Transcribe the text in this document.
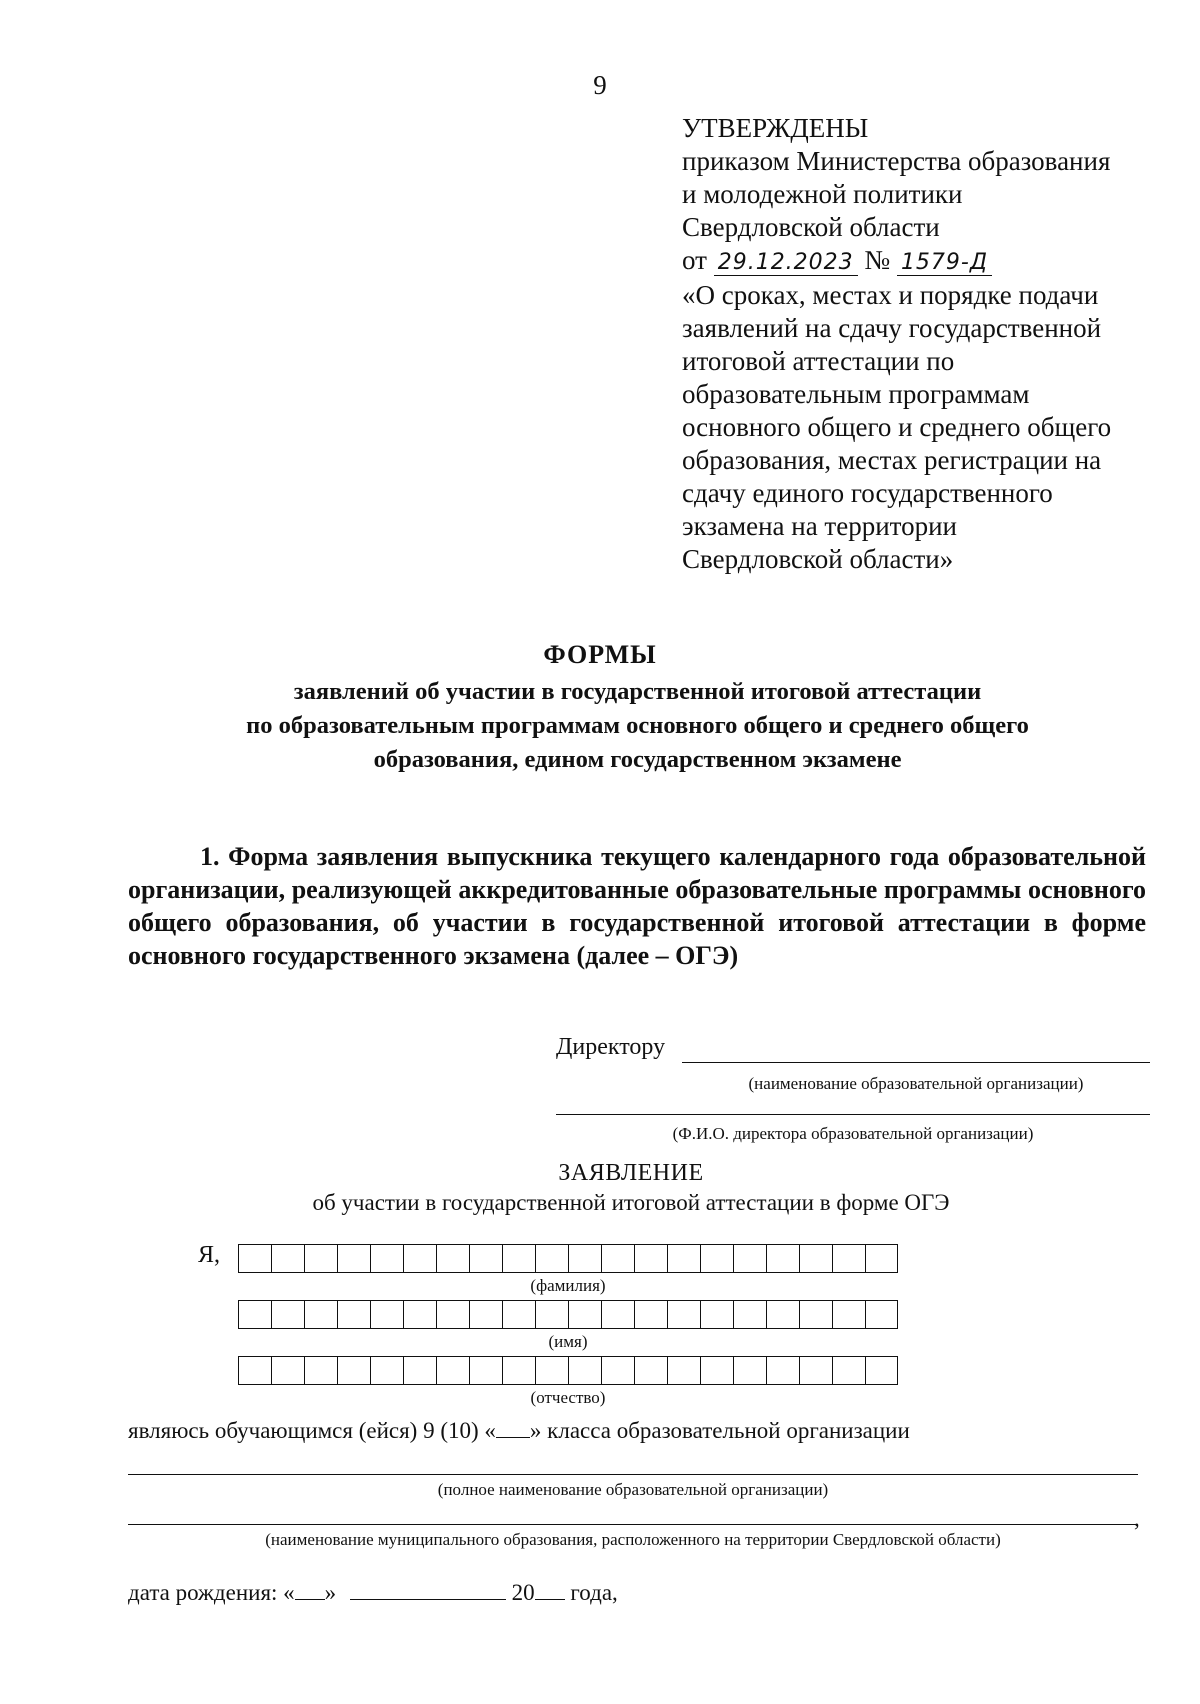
9
УТВЕРЖДЕНЫ
приказом Министерства образования
и молодежной политики
Свердловской области
от 29.12.2023 № 1579-Д
«О сроках, местах и порядке подачи
заявлений на сдачу государственной
итоговой аттестации по
образовательным программам
основного общего и среднего общего
образования, местах регистрации на
сдачу единого государственного
экзамена на территории
Свердловской области»
ФОРМЫ
заявлений об участии в государственной итоговой аттестации
по образовательным программам основного общего и среднего общего
образования, едином государственном экзамене
1. Форма заявления выпускника текущего календарного года образовательной организации, реализующей аккредитованные образовательные программы основного общего образования, об участии в государственной итоговой аттестации в форме основного государственного экзамена (далее – ОГЭ)
Директору
(наименование образовательной организации)
(Ф.И.О. директора образовательной организации)
ЗАЯВЛЕНИЕ
об участии в государственной итоговой аттестации в форме ОГЭ
Я,
(фамилия)
(имя)
(отчество)
являюсь обучающимся (ейся) 9 (10) « » класса образовательной организации
(полное наименование образовательной организации)
,
(наименование муниципального образования, расположенного на территории Свердловской области)
дата рождения: « »	20 года,
